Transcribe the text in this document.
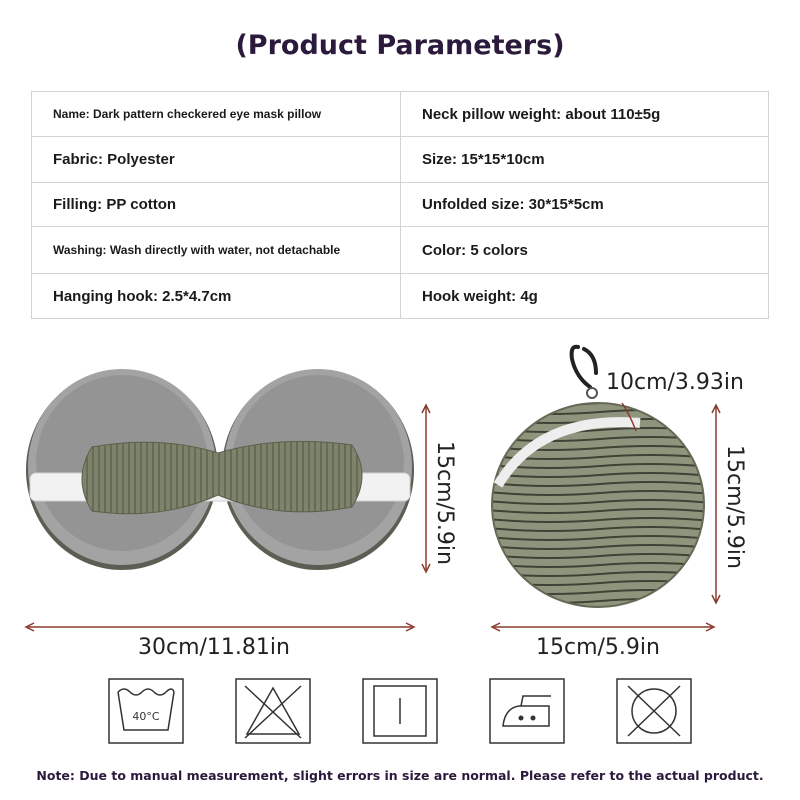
(Product Parameters)
Name: Dark pattern checkered eye mask pillow	Neck pillow weight: about 110±5g
Fabric: Polyester	Size: 15*15*10cm
Filling: PP cotton	Unfolded size: 30*15*5cm
Washing: Wash directly with water, not detachable	Color: 5 colors
Hanging hook: 2.5*4.7cm	Hook weight: 4g
15cm/5.9in
30cm/11.81in
10cm/3.93in
15cm/5.9in
15cm/5.9in
40°C
Note: Due to manual measurement, slight errors in size are normal. Please refer to the actual product.
